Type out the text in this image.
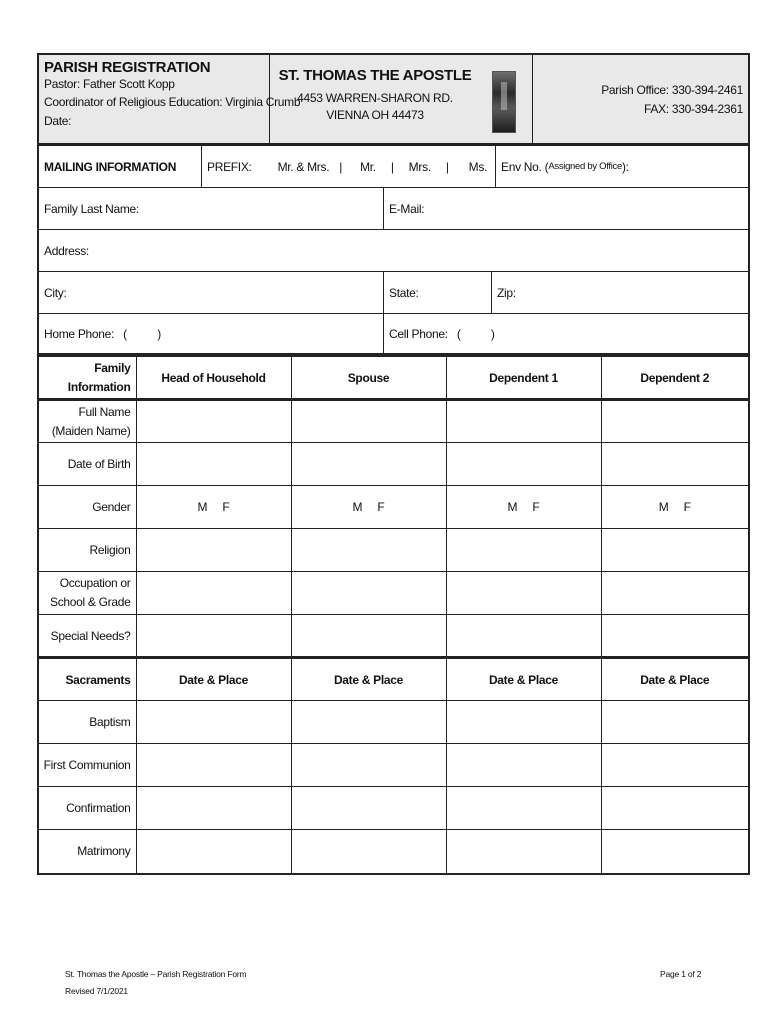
PARISH REGISTRATION
Pastor: Father Scott Kopp
Coordinator of Religious Education: Virginia Crumb
Date:
ST. THOMAS THE APOSTLE
4453 WARREN-SHARON RD.
VIENNA OH 44473
Parish Office: 330-394-2461
FAX: 330-394-2361
MAILING INFORMATION	PREFIX: Mr. & Mrs. | Mr. | Mrs. | Ms. Env No. ( Assigned by Office ):
Family Last Name:	E-Mail:
Address:
City:	State:	Zip:
Home Phone:   (          )	Cell Phone:   (          )
Family
Information	Head of Household	Spouse	Dependent 1	Dependent 2

Full Name
(Maiden Name)				

Date of Birth				
Gender	M     F	M     F	M     F	M     F
Religion				

Occupation or
School & Grade				

Special Needs?				
Sacraments	Date & Place	Date & Place	Date & Place	Date & Place
Baptism				
First Communion				
Confirmation				
Matrimony				
St. Thomas the Apostle – Parish Registration Form
Revised 7/1/2021
Page 1 of 2
